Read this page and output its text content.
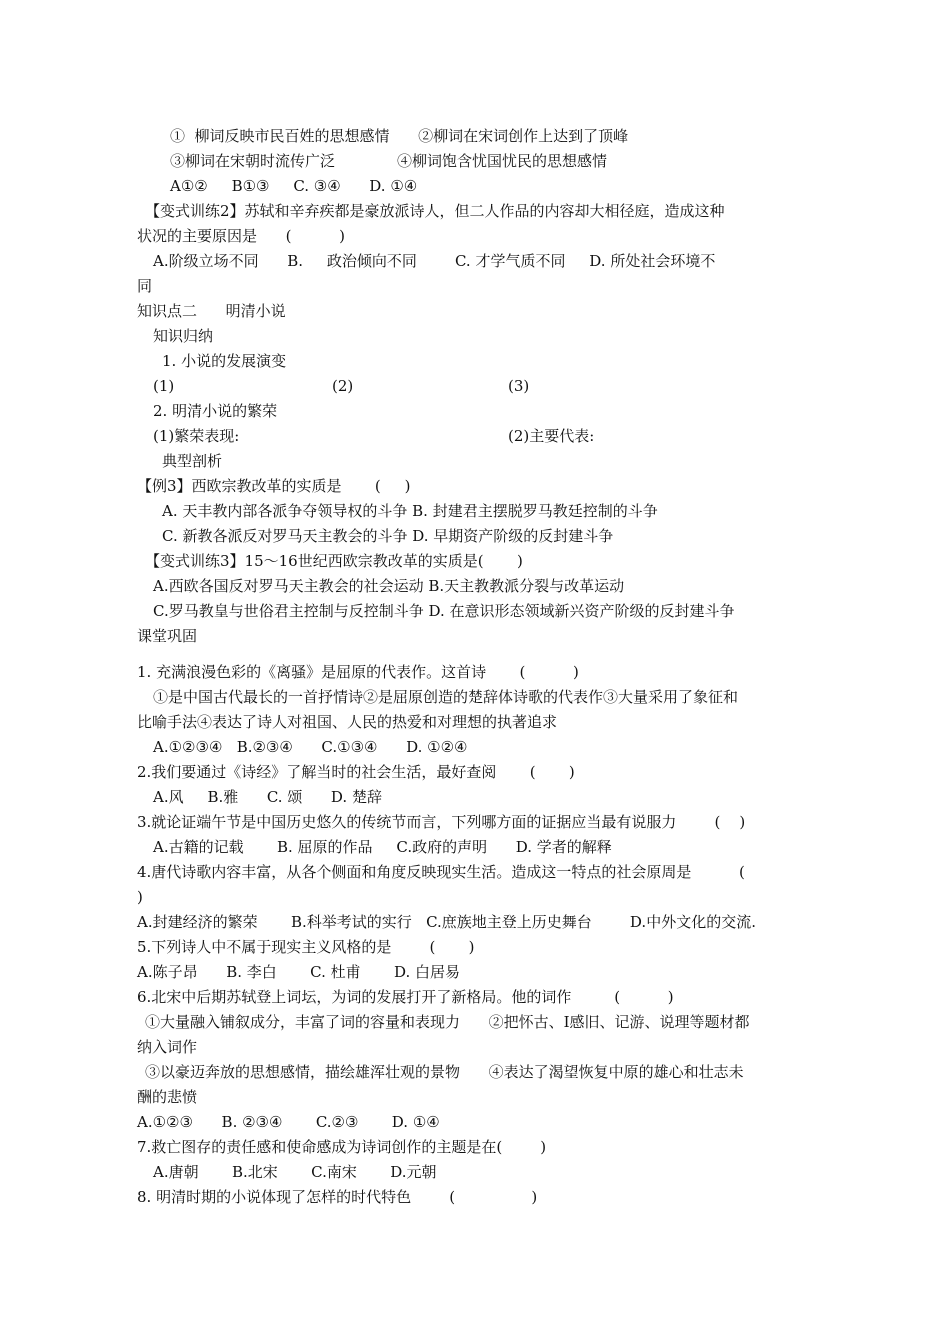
①  柳词反映市民百姓的思想感情      ②柳词在宋词创作上达到了顶峰
③柳词在宋朝时流传广泛             ④柳词饱含忧国忧民的思想感情
A①②     B①③     C. ③④      D. ①④
【变式训练2】苏轼和辛弃疾都是豪放派诗人，但二人作品的内容却大相径庭，造成这种
状况的主要原因是      (          )
A.阶级立场不同      B.     政治倾向不同        C. 才学气质不同     D. 所处社会环境不
同
知识点二      明清小说
知识归纳
1. 小说的发展演变
(1)	(2)	(3)
2. 明清小说的繁荣
(1)繁荣表现:	(2)主要代表:
典型剖析
【例3】西欧宗教改革的实质是       (     )
A. 天丰教内部各派争夺领导权的斗争 B. 封建君主摆脱罗马教廷控制的斗争
C. 新教各派反对罗马天主教会的斗争 D. 早期资产阶级的反封建斗争
【变式训练3】15～16世纪西欧宗教改革的实质是(       )
A.西欧各国反对罗马天主教会的社会运动 B.天主教教派分裂与改革运动
C.罗马教皇与世俗君主控制与反控制斗争 D. 在意识形态领域新兴资产阶级的反封建斗争
课堂巩固
1. 充满浪漫色彩的《离骚》是屈原的代表作。这首诗       (          )
①是中国古代最长的一首抒情诗②是屈原创造的楚辞体诗歌的代表作③大量采用了象征和
比喻手法④表达了诗人对祖国、人民的热爱和对理想的执著追求
A.①②③④   B.②③④      C.①③④      D. ①②④
2.我们要通过《诗经》了解当时的社会生活，最好查阅       (       )
A.风     B.雅      C. 颂      D. 楚辞
3.就论证端午节是中国历史悠久的传统节而言，下列哪方面的证据应当最有说服力        (    )
A.古籍的记载       B. 屈原的作品     C.政府的声明      D. 学者的解释
4.唐代诗歌内容丰富，从各个侧面和角度反映现实生活。造成这一特点的社会原周是          (
)
A.封建经济的繁荣       B.科举考试的实行   C.庶族地主登上历史舞台        D.中外文化的交流.
5.下列诗人中不属于现实主义风格的是        (       )
A.陈子昂      B. 李白       C. 杜甫       D. 白居易
6.北宋中后期苏轼登上词坛，为词的发展打开了新格局。他的词作         (          )
①大量融入铺叙成分，丰富了词的容量和表现力      ②把怀古、I感旧、记游、说理等题材都
纳入词作
③以豪迈奔放的思想感情，描绘雄浑壮观的景物      ④表达了渴望恢复中原的雄心和壮志未
酬的悲愤
A.①②③      B. ②③④       C.②③       D. ①④
7.救亡图存的责任感和使命感成为诗词创作的主题是在(        )
A.唐朝       B.北宋       C.南宋       D.元朝
8. 明清时期的小说体现了怎样的时代特色        (                )
